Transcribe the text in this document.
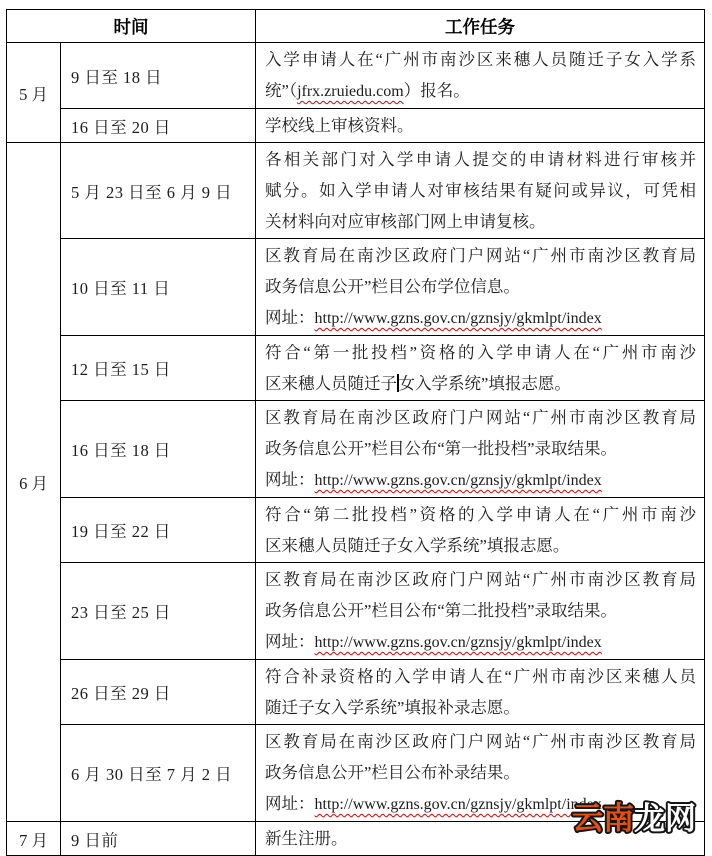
时间		工作任务
5 月	9 日至 18 日	入学申请人在“广州市南沙区来穗人员随迁子女入学系
统”（jfrx.zruiedu.com）报名。

	16 日至 20 日	学校线上审核资料。

6 月	5 月 23 日至 6 月 9 日	各相关部门对入学申请人提交的申请材料进行审核并
赋分。如入学申请人对审核结果有疑问或异议，可凭相
关材料向对应审核部门网上申请复核。

	10 日至 11 日	区教育局在南沙区政府门户网站“广州市南沙区教育局
政务信息公开”栏目公布学位信息。
网址：http://www.gzns.gov.cn/gznsjy/gkmlpt/index

	12 日至 15 日	符合“第一批投档”资格的入学申请人在“广州市南沙
区来穗人员随迁子女入学系统”填报志愿。

	16 日至 18 日	区教育局在南沙区政府门户网站“广州市南沙区教育局
政务信息公开”栏目公布“第一批投档”录取结果。
网址：http://www.gzns.gov.cn/gznsjy/gkmlpt/index

	19 日至 22 日	符合“第二批投档”资格的入学申请人在“广州市南沙
区来穗人员随迁子女入学系统”填报志愿。

	23 日至 25 日	区教育局在南沙区政府门户网站“广州市南沙区教育局
政务信息公开”栏目公布“第二批投档”录取结果。
网址：http://www.gzns.gov.cn/gznsjy/gkmlpt/index

	26 日至 29 日	符合补录资格的入学申请人在“广州市南沙区来穗人员
随迁子女入学系统”填报补录志愿。

	6 月 30 日至 7 月 2 日	区教育局在南沙区政府门户网站“广州市南沙区教育局
政务信息公开”栏目公布补录结果。
网址：http://www.gzns.gov.cn/gznsjy/gkmlpt/index

7 月	9 日前	新生注册。
云南龙网
